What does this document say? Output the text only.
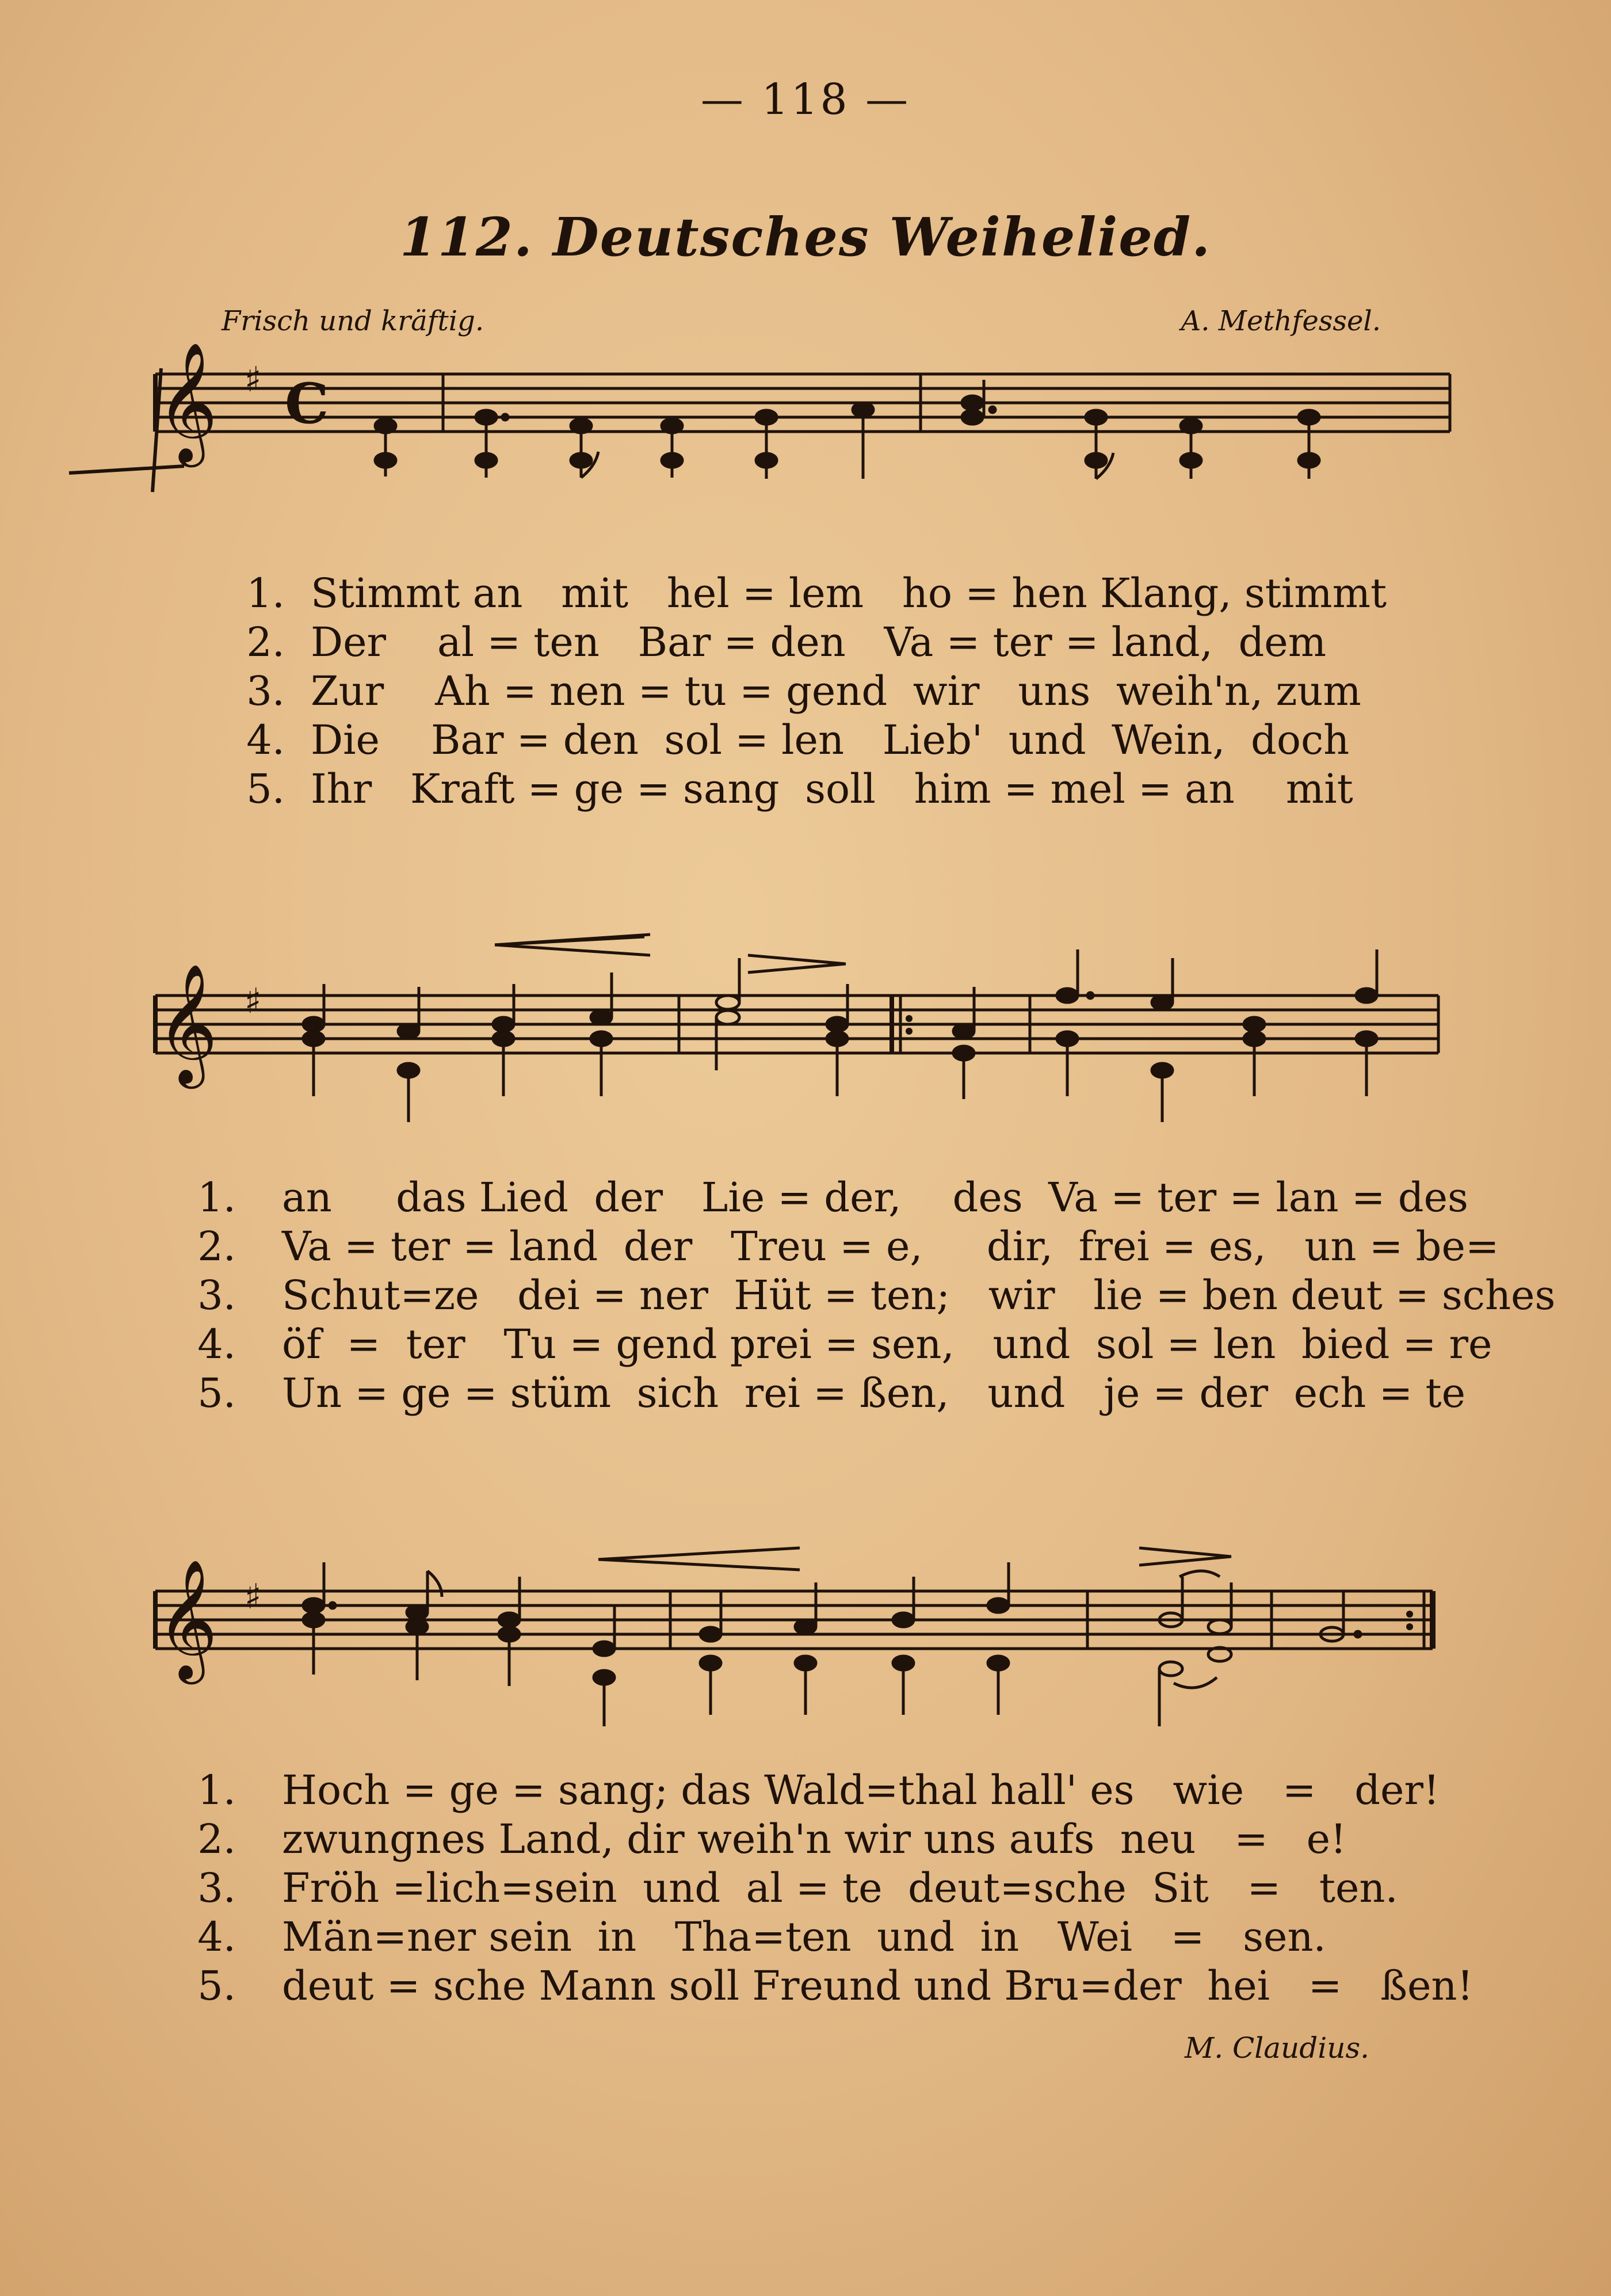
— 118 —
112. Deutsches Weihelied.
Frisch und kräftig.	A. Methfessel.
𝄞 ♯ C
1. Stimmt an   mit   hel = lem   ho = hen Klang, stimmt
2. Der    al = ten   Bar = den   Va = ter = land,  dem
3. Zur    Ah = nen = tu = gend  wir   uns  weih'n, zum
4. Die    Bar = den  sol = len   Lieb'  und  Wein,  doch
5. Ihr   Kraft = ge = sang  soll   him = mel = an    mit
𝄞 ♯
1. an     das Lied  der   Lie = der,    des  Va = ter = lan = des
2. Va = ter = land  der   Treu = e,     dir,  frei = es,   un = be=
3. Schut=ze   dei = ner  Hüt = ten;   wir   lie = ben deut = sches
4. öf  =  ter   Tu = gend prei = sen,   und  sol = len  bied = re
5. Un = ge = stüm  sich  rei = ßen,   und   je = der  ech = te
𝄞 ♯
1. Hoch = ge = sang; das Wald=thal hall' es   wie   =   der!
2. zwungnes Land, dir weih'n wir uns aufs  neu   =   e!
3. Fröh =lich=sein  und  al = te  deut=sche  Sit   =   ten.
4. Män=ner sein  in   Tha=ten  und  in   Wei   =   sen.
5. deut = sche Mann soll Freund und Bru=der  hei   =   ßen!
M. Claudius.
